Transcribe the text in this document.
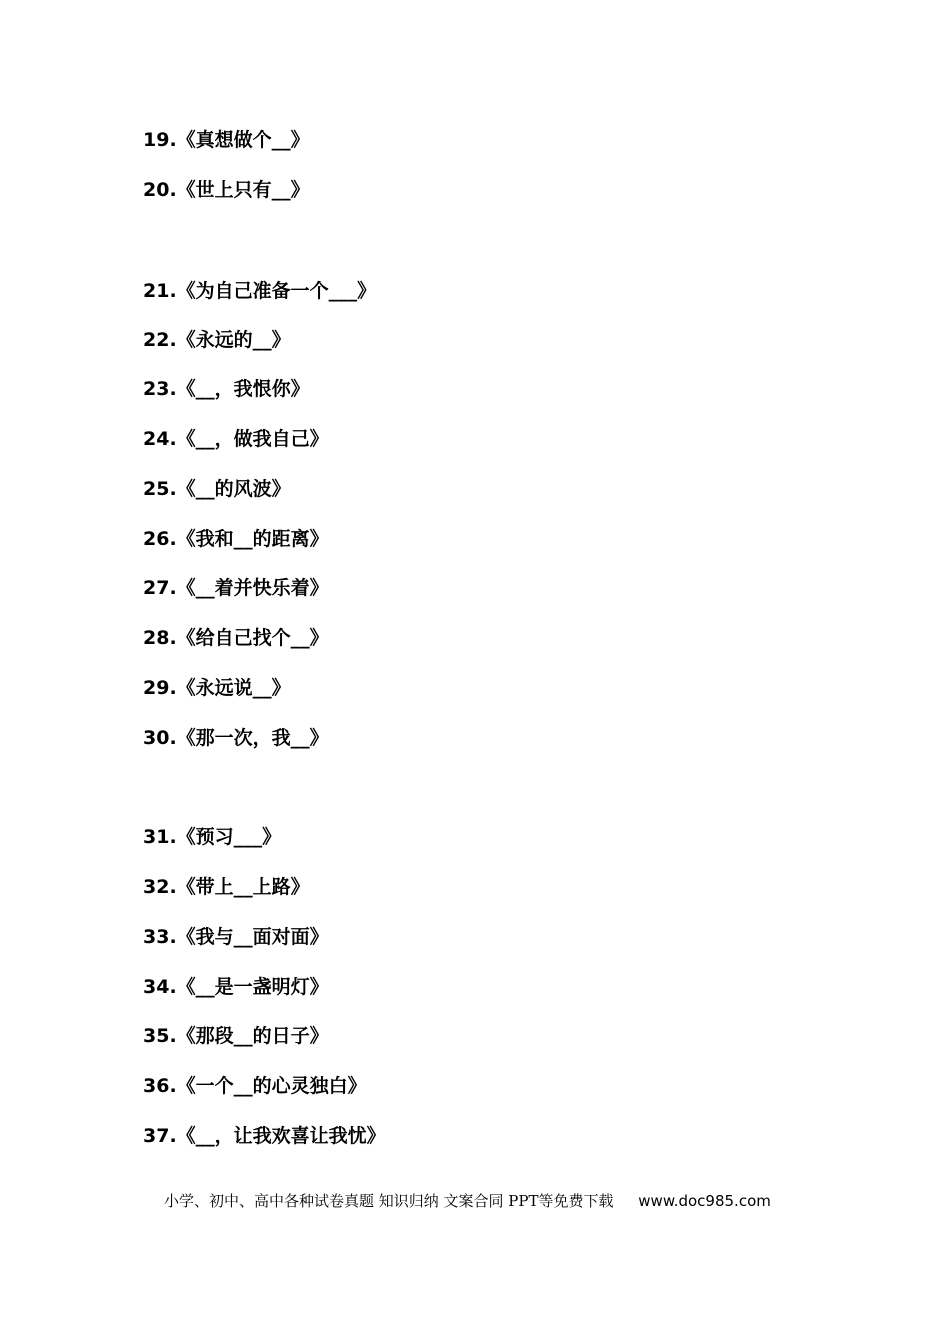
19.《真想做个__》
20.《世上只有__》
21.《为自己准备一个___》
22.《永远的__》
23.《__，我恨你》
24.《__，做我自己》
25.《__的风波》
26.《我和__的距离》
27.《__着并快乐着》
28.《给自己找个__》
29.《永远说__》
30.《那一次，我__》
31.《预习___》
32.《带上__上路》
33.《我与__面对面》
34.《__是一盏明灯》
35.《那段__的日子》
36.《一个__的心灵独白》
37.《__，让我欢喜让我忧》
小学、初中、高中各种试卷真题 知识归纳 文案合同 PPT等免费下载 www.doc985.com
